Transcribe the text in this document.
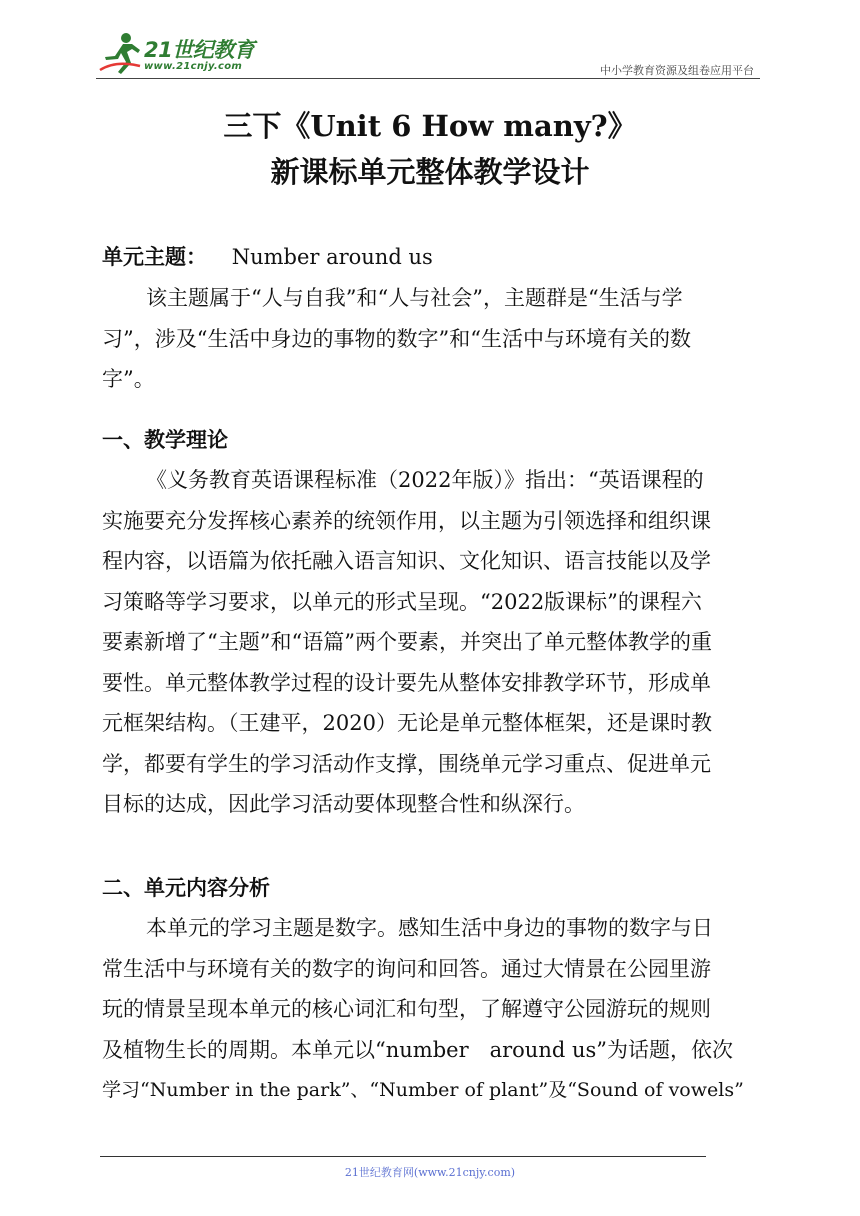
21世纪教育
www.21cnjy.com	中小学教育资源及组卷应用平台
三下《Unit 6 How many?》
新课标单元整体教学设计
单元主题： Number around us
该主题属于“人与自我”和“人与社会”，主题群是“生活与学
习”，涉及“生活中身边的事物的数字”和“生活中与环境有关的数
字”。
一、教学理论
《义务教育英语课程标准（2022年版）》指出：“英语课程的
实施要充分发挥核心素养的统领作用，以主题为引领选择和组织课
程内容，以语篇为依托融入语言知识、文化知识、语言技能以及学
习策略等学习要求，以单元的形式呈现。“2022版课标”的课程六
要素新增了“主题”和“语篇”两个要素，并突出了单元整体教学的重
要性。单元整体教学过程的设计要先从整体安排教学环节，形成单
元框架结构。（王建平，2020）无论是单元整体框架，还是课时教
学，都要有学生的学习活动作支撑，围绕单元学习重点、促进单元
目标的达成，因此学习活动要体现整合性和纵深行。
二、单元内容分析
本单元的学习主题是数字。感知生活中身边的事物的数字与日
常生活中与环境有关的数字的询问和回答。通过大情景在公园里游
玩的情景呈现本单元的核心词汇和句型，了解遵守公园游玩的规则
及植物生长的周期。本单元以“number　around us”为话题，依次
学习“Number in the park”、“Number of plant”及“Sound of vowels”
21世纪教育网(www.21cnjy.com)
